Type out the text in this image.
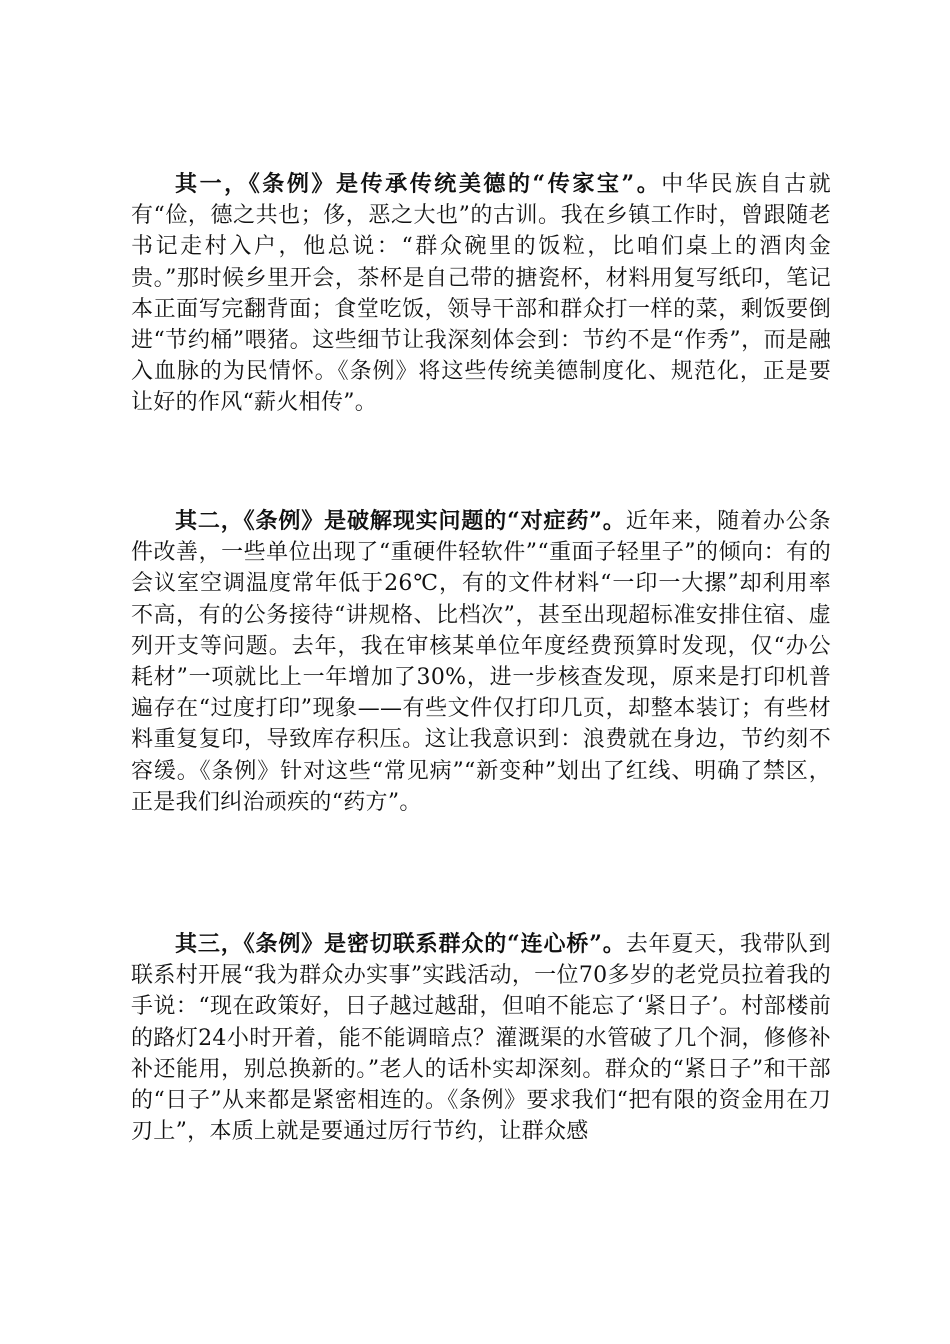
其一，《条例》是传承传统美德的“传家宝”。中华民族自古就有“俭，德之共也；侈，恶之大也”的古训。我在乡镇工作时，曾跟随老书记走村入户，他总说：“群众碗里的饭粒，比咱们桌上的酒肉金贵。”那时候乡里开会，茶杯是自己带的搪瓷杯，材料用复写纸印，笔记本正面写完翻背面；食堂吃饭，领导干部和群众打一样的菜，剩饭要倒进“节约桶”喂猪。这些细节让我深刻体会到：节约不是“作秀”，而是融入血脉的为民情怀。《条例》将这些传统美德制度化、规范化，正是要让好的作风“薪火相传”。

其二，《条例》是破解现实问题的“对症药”。近年来，随着办公条件改善，一些单位出现了“重硬件轻软件”“重面子轻里子”的倾向：有的会议室空调温度常年低于26℃，有的文件材料“一印一大摞”却利用率不高，有的公务接待“讲规格、比档次”，甚至出现超标准安排住宿、虚列开支等问题。去年，我在审核某单位年度经费预算时发现，仅“办公耗材”一项就比上一年增加了30%，进一步核查发现，原来是打印机普遍存在“过度打印”现象——有些文件仅打印几页，却整本装订；有些材料重复复印，导致库存积压。这让我意识到：浪费就在身边，节约刻不容缓。《条例》针对这些“常见病”“新变种”划出了红线、明确了禁区，正是我们纠治顽疾的“药方”。

其三，《条例》是密切联系群众的“连心桥”。去年夏天，我带队到联系村开展“我为群众办实事”实践活动，一位70多岁的老党员拉着我的手说：“现在政策好，日子越过越甜，但咱不能忘了‘紧日子’。村部楼前的路灯24小时开着，能不能调暗点？灌溉渠的水管破了几个洞，修修补补还能用，别总换新的。”老人的话朴实却深刻。群众的“紧日子”和干部的“日子”从来都是紧密相连的。《条例》要求我们“把有限的资金用在刀刃上”，本质上就是要通过厉行节约，让群众感
